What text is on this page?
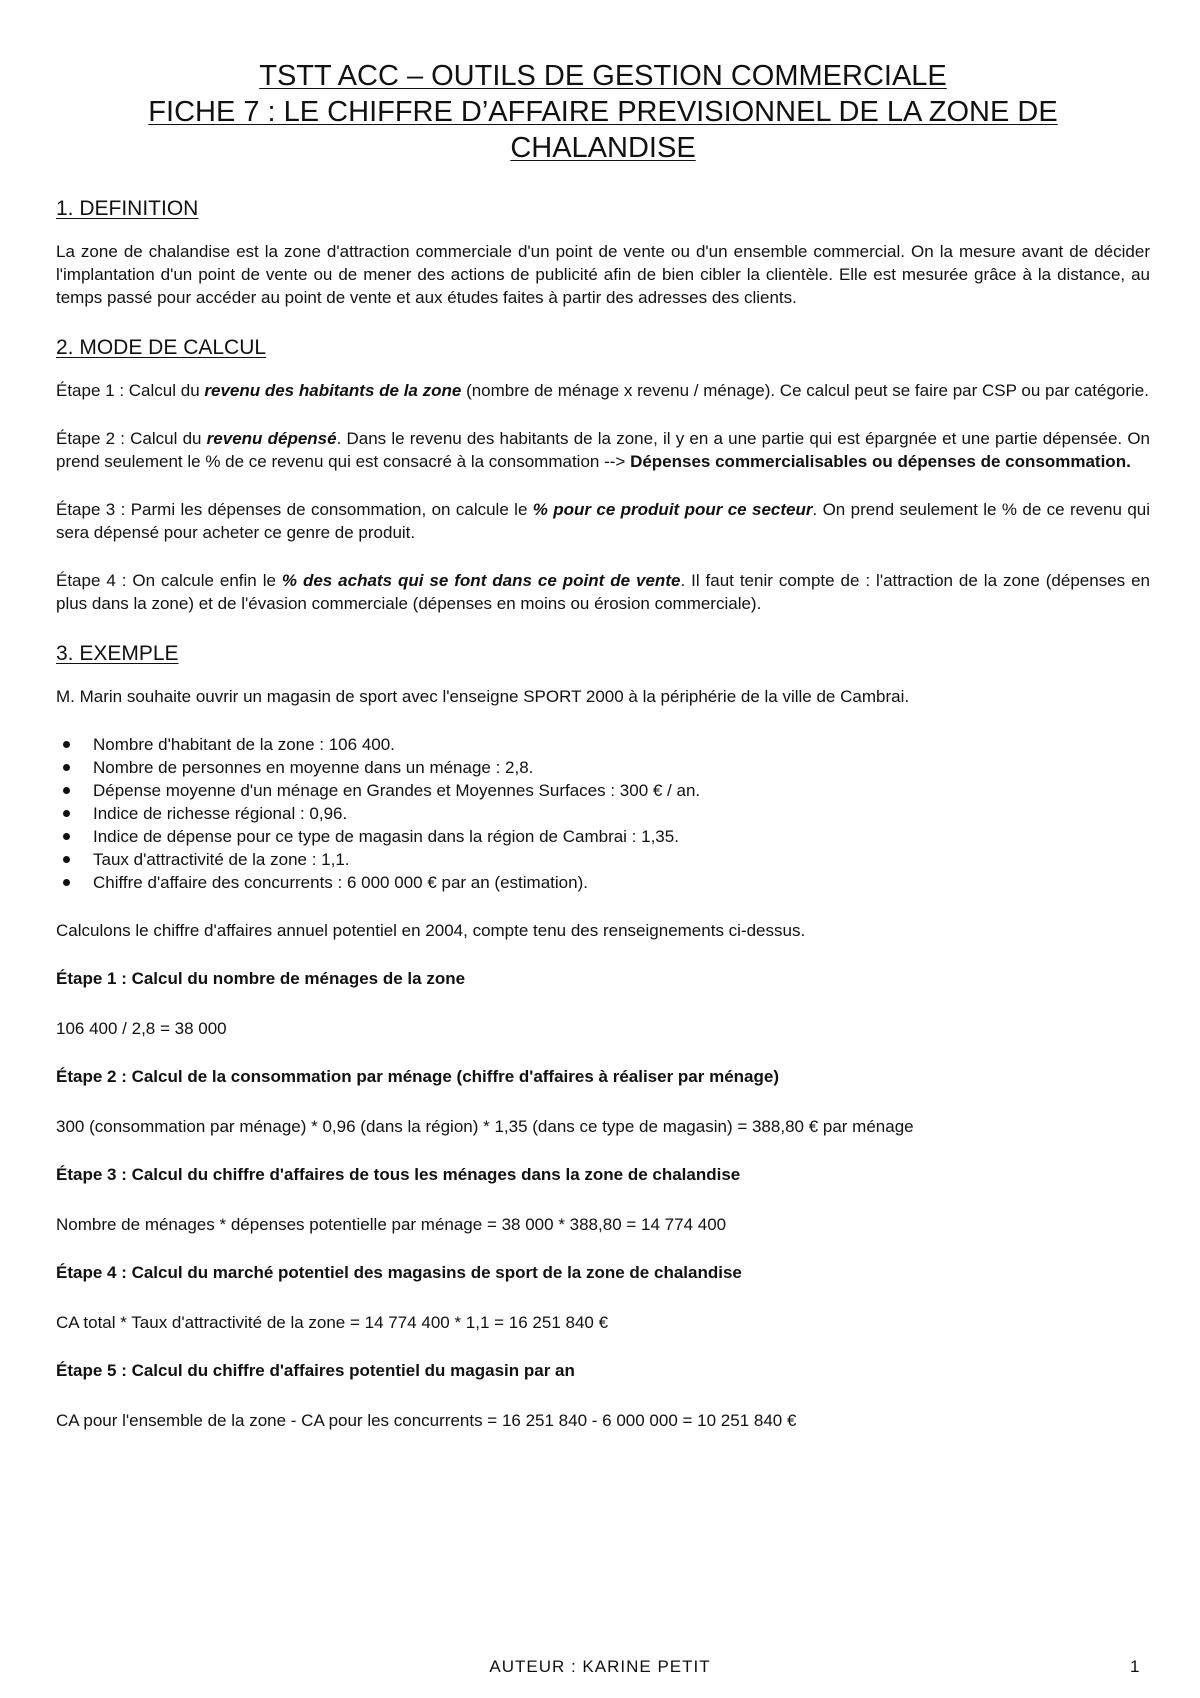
TSTT ACC – OUTILS DE GESTION COMMERCIALE
FICHE 7 : LE CHIFFRE D’AFFAIRE PREVISIONNEL DE LA ZONE DE
CHALANDISE
1. DEFINITION

La zone de chalandise est la zone d'attraction commerciale d'un point de vente ou d'un ensemble commercial. On la mesure avant de décider l'implantation d'un point de vente ou de mener des actions de publicité afin de bien cibler la clientèle. Elle est mesurée grâce à la distance, au temps passé pour accéder au point de vente et aux études faites à partir des adresses des clients.

2. MODE DE CALCUL

Étape 1 : Calcul du revenu des habitants de la zone (nombre de ménage x revenu / ménage). Ce calcul peut se faire par CSP ou par catégorie.

Étape 2 : Calcul du revenu dépensé. Dans le revenu des habitants de la zone, il y en a une partie qui est épargnée et une partie dépensée. On prend seulement le % de ce revenu qui est consacré à la consommation --> Dépenses commercialisables ou dépenses de consommation.

Étape 3 : Parmi les dépenses de consommation, on calcule le % pour ce produit pour ce secteur. On prend seulement le % de ce revenu qui sera dépensé pour acheter ce genre de produit.

Étape 4 : On calcule enfin le % des achats qui se font dans ce point de vente. Il faut tenir compte de : l'attraction de la zone (dépenses en plus dans la zone) et de l'évasion commerciale (dépenses en moins ou érosion commerciale).

3. EXEMPLE

M. Marin souhaite ouvrir un magasin de sport avec l'enseigne SPORT 2000 à la périphérie de la ville de Cambrai.

Nombre d'habitant de la zone : 106 400.
Nombre de personnes en moyenne dans un ménage : 2,8.
Dépense moyenne d'un ménage en Grandes et Moyennes Surfaces : 300 € / an.
Indice de richesse régional : 0,96.
Indice de dépense pour ce type de magasin dans la région de Cambrai : 1,35.
Taux d'attractivité de la zone : 1,1.
Chiffre d'affaire des concurrents : 6 000 000 € par an (estimation).

Calculons le chiffre d'affaires annuel potentiel en 2004, compte tenu des renseignements ci-dessus.

Étape 1 : Calcul du nombre de ménages de la zone

106 400 / 2,8 = 38 000

Étape 2 : Calcul de la consommation par ménage (chiffre d'affaires à réaliser par ménage)

300 (consommation par ménage) * 0,96 (dans la région) * 1,35 (dans ce type de magasin) = 388,80 € par ménage

Étape 3 : Calcul du chiffre d'affaires de tous les ménages dans la zone de chalandise

Nombre de ménages * dépenses potentielle par ménage = 38 000 * 388,80 = 14 774 400

Étape 4 : Calcul du marché potentiel des magasins de sport de la zone de chalandise

CA total * Taux d'attractivité de la zone = 14 774 400 * 1,1 = 16 251 840 €

Étape 5 : Calcul du chiffre d'affaires potentiel du magasin par an

CA pour l'ensemble de la zone - CA pour les concurrents = 16 251 840 - 6 000 000 = 10 251 840 €

AUTEUR : KARINE PETIT	1
